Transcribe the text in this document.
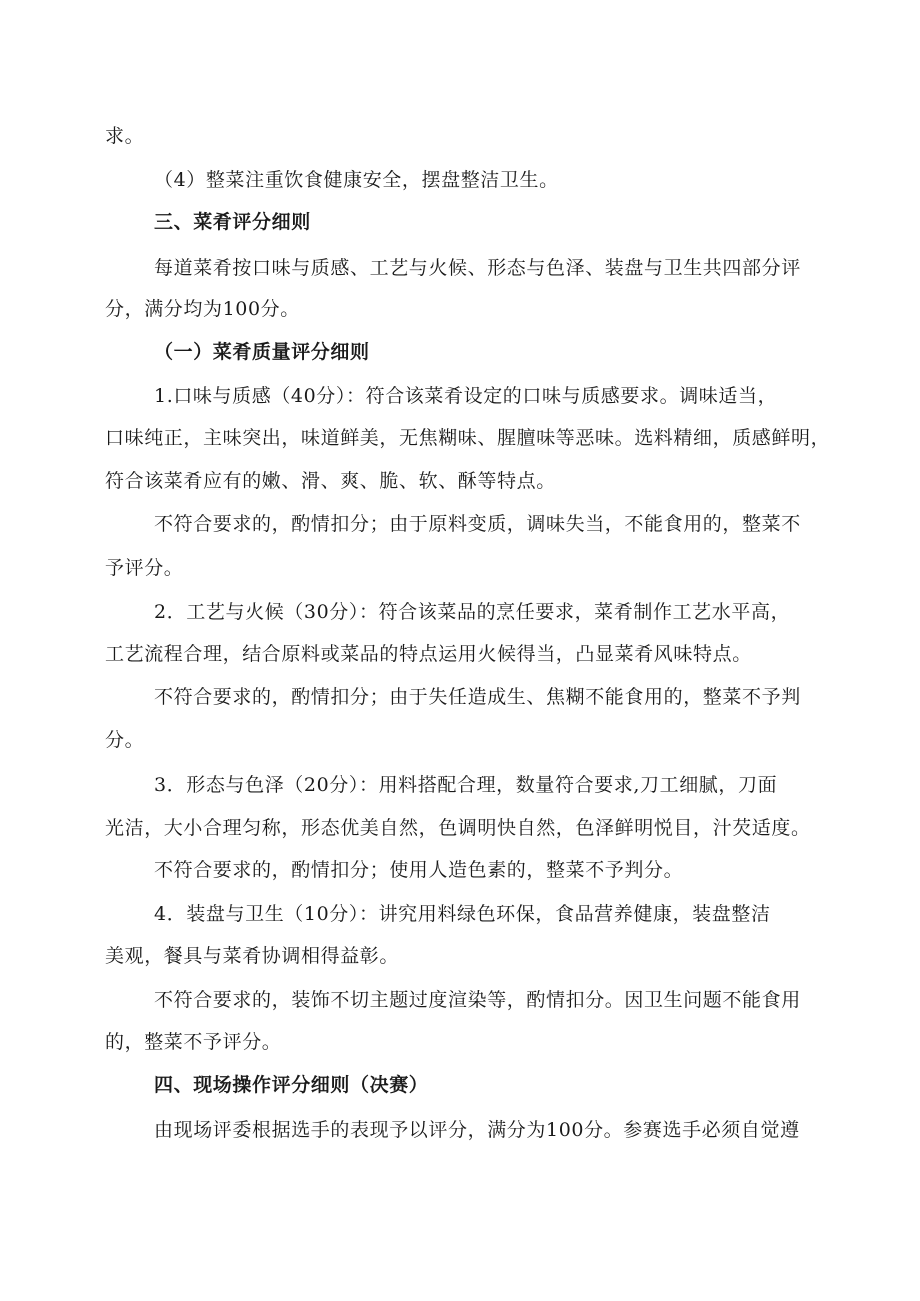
求。
（4）整菜注重饮食健康安全，摆盘整洁卫生。
三、菜肴评分细则
每道菜肴按口味与质感、工艺与火候、形态与色泽、装盘与卫生共四部分评
分，满分均为100分。
（一）菜肴质量评分细则
1.口味与质感（40分）：符合该菜肴设定的口味与质感要求。调味适当，
口味纯正，主味突出，味道鲜美，无焦糊味、腥膻味等恶味。选料精细，质感鲜明，
符合该菜肴应有的嫩、滑、爽、脆、软、酥等特点。
不符合要求的，酌情扣分；由于原料变质，调味失当，不能食用的，整菜不
予评分。
2．工艺与火候（30分）：符合该菜品的烹任要求，菜肴制作工艺水平高，
工艺流程合理，结合原料或菜品的特点运用火候得当，凸显菜肴风味特点。
不符合要求的，酌情扣分；由于失任造成生、焦糊不能食用的，整菜不予判
分。
3．形态与色泽（20分）：用料搭配合理，数量符合要求,刀工细腻，刀面
光洁，大小合理匀称，形态优美自然，色调明快自然，色泽鲜明悦目，汁芡适度。
不符合要求的，酌情扣分；使用人造色素的，整菜不予判分。
4．装盘与卫生（10分）：讲究用料绿色环保，食品营养健康，装盘整洁
美观，餐具与菜肴协调相得益彰。
不符合要求的，装饰不切主题过度渲染等，酌情扣分。因卫生问题不能食用
的，整菜不予评分。
四、现场操作评分细则（决赛）
由现场评委根据选手的表现予以评分，满分为100分。参赛选手必须自觉遵
